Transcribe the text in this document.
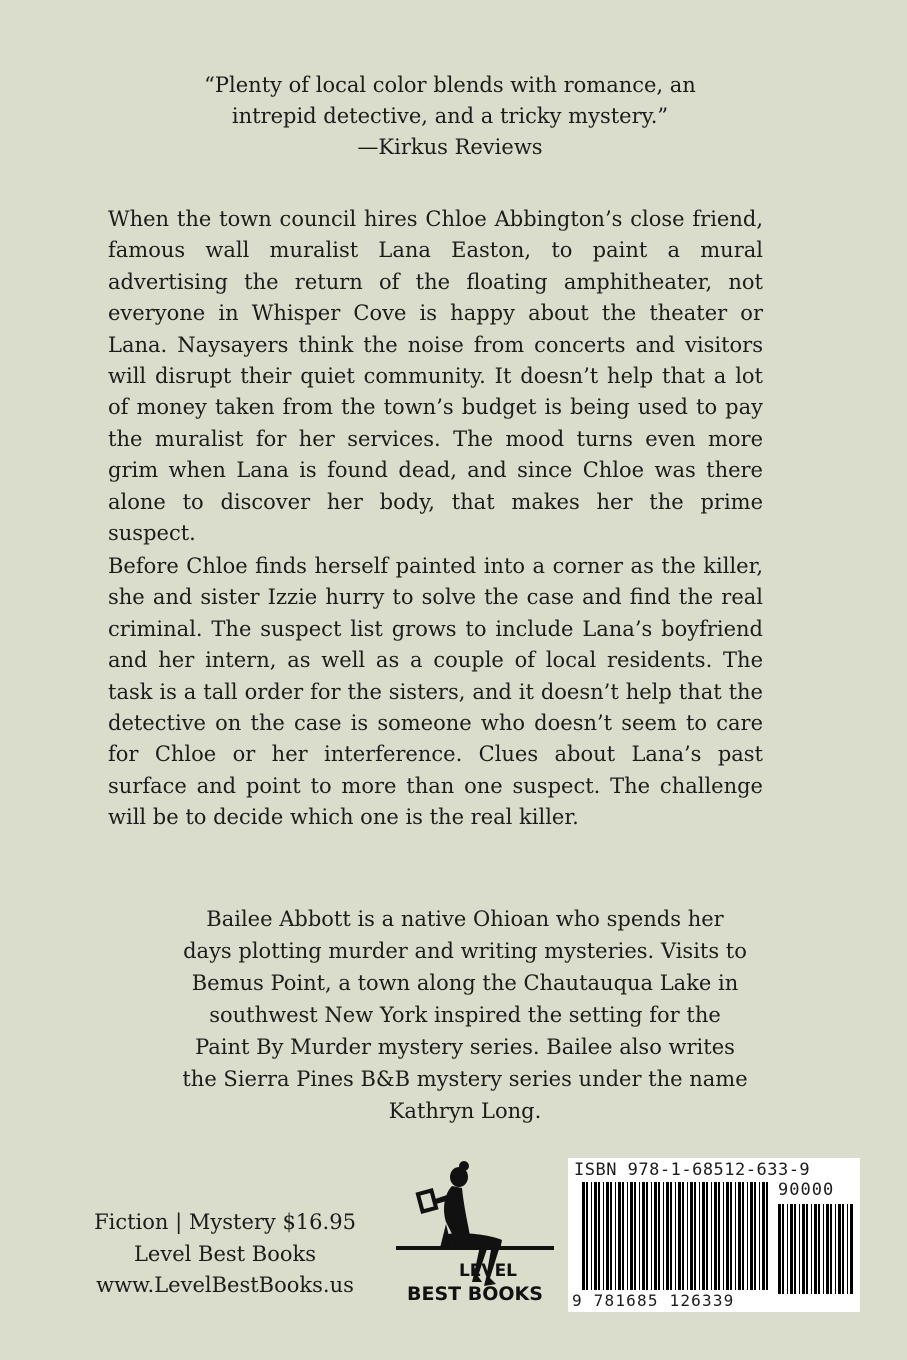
“Plenty of local color blends with romance, an
intrepid detective, and a tricky mystery.”
—Kirkus Reviews
When the town council hires Chloe Abbington’s close friend, famous wall muralist Lana Easton, to paint a mural advertising the return of the floating amphitheater, not everyone in Whisper Cove is happy about the theater or Lana. Naysayers think the noise from concerts and visitors will disrupt their quiet community. It doesn’t help that a lot of money taken from the town’s budget is being used to pay the muralist for her services. The mood turns even more grim when Lana is found dead, and since Chloe was there alone to discover her body, that makes her the prime suspect.
Before Chloe finds herself painted into a corner as the killer, she and sister Izzie hurry to solve the case and find the real criminal. The suspect list grows to include Lana’s boyfriend and her intern, as well as a couple of local residents. The task is a tall order for the sisters, and it doesn’t help that the detective on the case is someone who doesn’t seem to care for Chloe or her interference. Clues about Lana’s past surface and point to more than one suspect. The challenge will be to decide which one is the real killer.
Bailee Abbott is a native Ohioan who spends her
days plotting murder and writing mysteries. Visits to
Bemus Point, a town along the Chautauqua Lake in
southwest New York inspired the setting for the
Paint By Murder mystery series. Bailee also writes
the Sierra Pines B&B mystery series under the name
Kathryn Long.
Fiction | Mystery $16.95
Level Best Books
www.LevelBestBooks.us
LEVEL
BEST BOOKS
ISBN 978-1-68512-633-9
90000
9 781685 126339
